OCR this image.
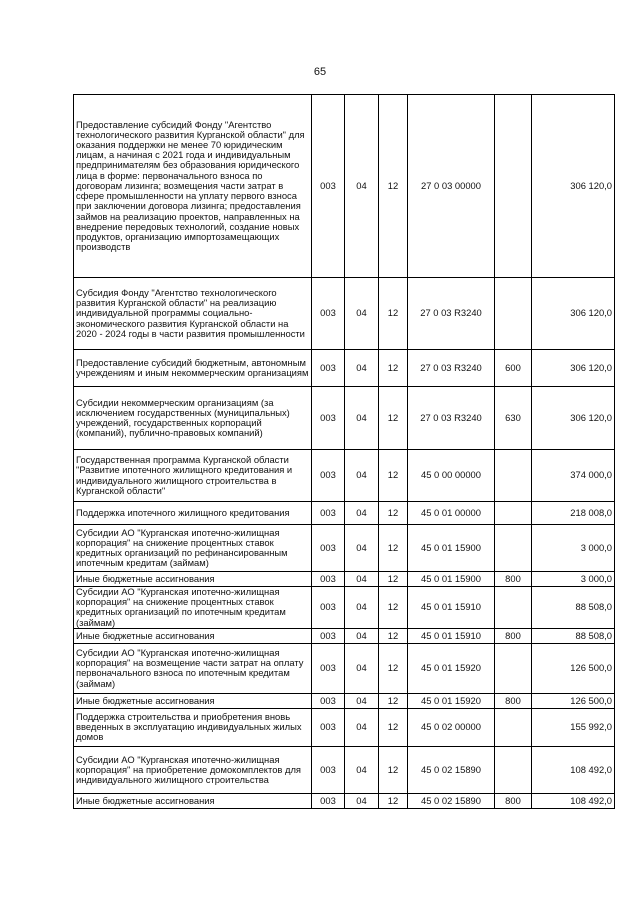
65
Предоставление субсидий Фонду "Агентство технологического развития Курганской области" для оказания поддержки не менее 70 юридическим лицам, а начиная с 2021 года и индивидуальным предпринимателям без образования юридического лица в форме: первоначального взноса по договорам лизинга; возмещения части затрат в сфере промышленности на уплату первого взноса при заключении договора лизинга; предоставления займов на реализацию проектов, направленных на внедрение передовых технологий, создание новых продуктов, организацию импортозамещающих производств	003	04	12	27 0 03 00000		306 120,0
Субсидия Фонду "Агентство технологического развития Курганской области" на реализацию индивидуальной программы социально-экономического развития Курганской области на 2020 - 2024 годы в части развития промышленности	003	04	12	27 0 03 R3240		306 120,0
Предоставление субсидий бюджетным, автономным учреждениям и иным некоммерческим организациям	003	04	12	27 0 03 R3240	600	306 120,0
Субсидии некоммерческим организациям (за исключением государственных (муниципальных) учреждений, государственных корпораций (компаний), публично-правовых компаний)	003	04	12	27 0 03 R3240	630	306 120,0
Государственная программа Курганской области "Развитие ипотечного жилищного кредитования и индивидуального жилищного строительства в Курганской области"	003	04	12	45 0 00 00000		374 000,0
Поддержка ипотечного жилищного кредитования	003	04	12	45 0 01 00000		218 008,0
Субсидии АО "Курганская ипотечно-жилищная корпорация" на снижение процентных ставок кредитных организаций по рефинансированным ипотечным кредитам (займам)	003	04	12	45 0 01 15900		3 000,0
Иные бюджетные ассигнования	003	04	12	45 0 01 15900	800	3 000,0
Субсидии АО "Курганская ипотечно-жилищная корпорация" на снижение процентных ставок кредитных организаций по ипотечным кредитам (займам)	003	04	12	45 0 01 15910		88 508,0
Иные бюджетные ассигнования	003	04	12	45 0 01 15910	800	88 508,0
Субсидии АО "Курганская ипотечно-жилищная корпорация" на возмещение части затрат на оплату первоначального взноса по ипотечным кредитам (займам)	003	04	12	45 0 01 15920		126 500,0
Иные бюджетные ассигнования	003	04	12	45 0 01 15920	800	126 500,0
Поддержка строительства и приобретения вновь введенных в эксплуатацию индивидуальных жилых домов	003	04	12	45 0 02 00000		155 992,0
Субсидии АО "Курганская ипотечно-жилищная корпорация" на приобретение домокомплектов для индивидуального жилищного строительства	003	04	12	45 0 02 15890		108 492,0
Иные бюджетные ассигнования	003	04	12	45 0 02 15890	800	108 492,0
